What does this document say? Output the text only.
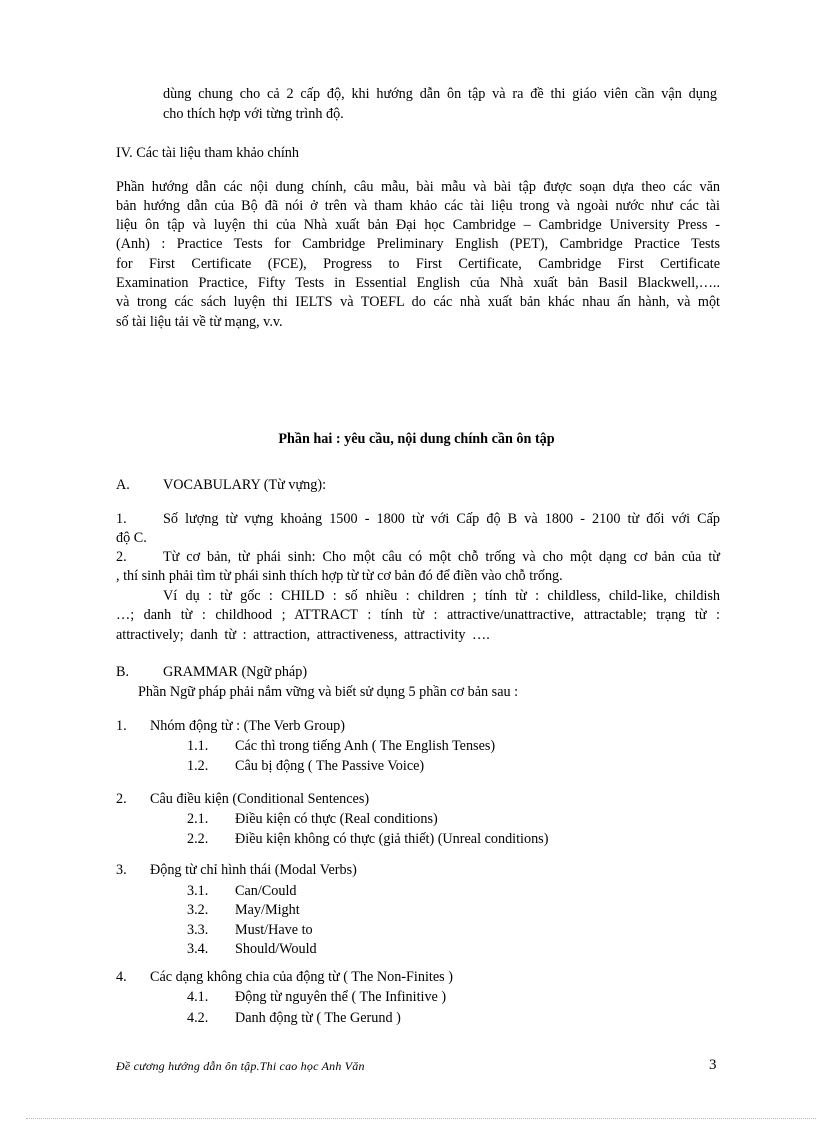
dùng chung cho cả 2 cấp độ, khi hướng dẫn ôn tập và ra đề thi giáo viên cần vận dụng
cho thích hợp với từng trình độ.
IV. Các tài liệu tham khảo chính
Phần hướng dẫn các nội dung chính, câu mẫu, bài mẫu và bài tập được soạn dựa theo các văn
bản hướng dẫn của Bộ đã nói ở trên và tham khảo các tài liệu trong và ngoài nước như các tài
liệu ôn tập và luyện thi của Nhà xuất bản Đại học Cambridge – Cambridge University Press -
(Anh) : Practice Tests for Cambridge Preliminary English (PET), Cambridge Practice Tests
for First Certificate (FCE), Progress to First Certificate, Cambridge First Certificate
Examination Practice, Fifty Tests in Essential English của Nhà xuất bản Basil Blackwell,…..
và trong các sách luyện thi IELTS và TOEFL do các nhà xuất bản khác nhau ấn hành, và một
số tài liệu tải về từ mạng, v.v.
Phần hai : yêu cầu, nội dung chính cần ôn tập
A. VOCABULARY (Từ vựng):
1.	Số lượng từ vựng khoảng 1500 - 1800 từ với Cấp độ B và 1800 - 2100 từ đối với Cấp
độ C.
2.	Từ cơ bản, từ phái sinh: Cho một câu có một chỗ trống và cho một dạng cơ bản của từ
, thí sinh phải tìm từ phái sinh thích hợp từ từ cơ bản đó để điền vào chỗ trống.
Ví dụ : từ gốc : CHILD : số nhiều : children ; tính từ : childless, child-like, childish
…; danh từ : childhood ; ATTRACT : tính từ : attractive/unattractive, attractable; trạng từ :
attractively; danh từ : attraction, attractiveness, attractivity ….
B. GRAMMAR (Ngữ pháp)
Phần Ngữ pháp phải nắm vững và biết sử dụng 5 phần cơ bản sau :
1. Nhóm động từ : (The Verb Group)
1.1. Các thì trong tiếng Anh ( The English Tenses)
1.2. Câu bị động ( The Passive Voice)
2. Câu điều kiện (Conditional Sentences)
2.1. Điều kiện có thực (Real conditions)
2.2. Điều kiện không có thực (giả thiết) (Unreal conditions)
3. Động từ chỉ hình thái (Modal Verbs)
3.1. Can/Could
3.2. May/Might
3.3. Must/Have to
3.4. Should/Would
4. Các dạng không chia của động từ ( The Non-Finites )
4.1. Động từ nguyên thể ( The Infinitive )
4.2. Danh động từ ( The Gerund )
Đề cương hướng dẫn ôn tập.Thi cao học Anh Văn	3
